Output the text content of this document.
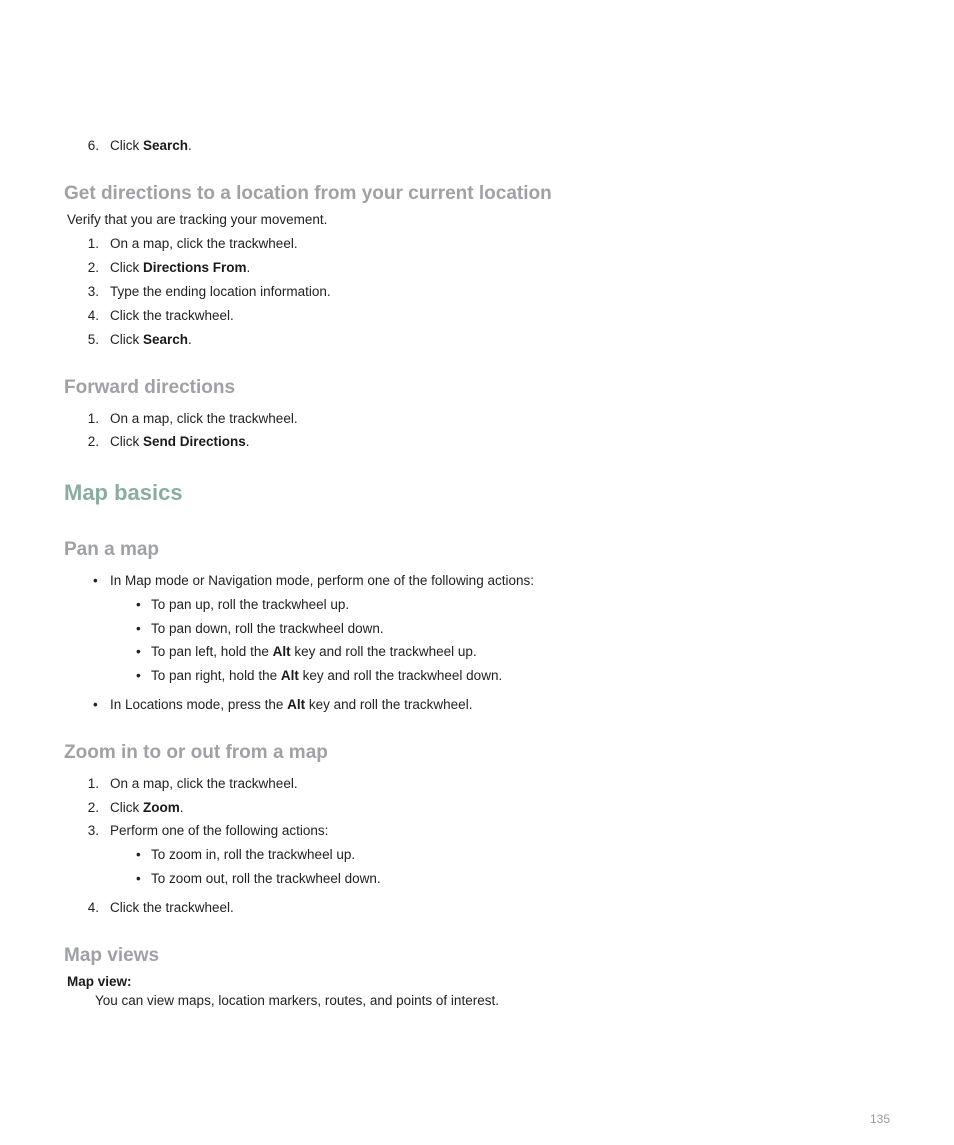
6. Click Search.
Get directions to a location from your current location
Verify that you are tracking your movement.
1. On a map, click the trackwheel.
2. Click Directions From.
3. Type the ending location information.
4. Click the trackwheel.
5. Click Search.
Forward directions
1. On a map, click the trackwheel.
2. Click Send Directions.
Map basics
Pan a map
• In Map mode or Navigation mode, perform one of the following actions:
• To pan up, roll the trackwheel up.
• To pan down, roll the trackwheel down.
• To pan left, hold the Alt key and roll the trackwheel up.
• To pan right, hold the Alt key and roll the trackwheel down.
• In Locations mode, press the Alt key and roll the trackwheel.
Zoom in to or out from a map
1. On a map, click the trackwheel.
2. Click Zoom.
3. Perform one of the following actions:
• To zoom in, roll the trackwheel up.
• To zoom out, roll the trackwheel down.
4. Click the trackwheel.
Map views
Map view:
You can view maps, location markers, routes, and points of interest.
135
